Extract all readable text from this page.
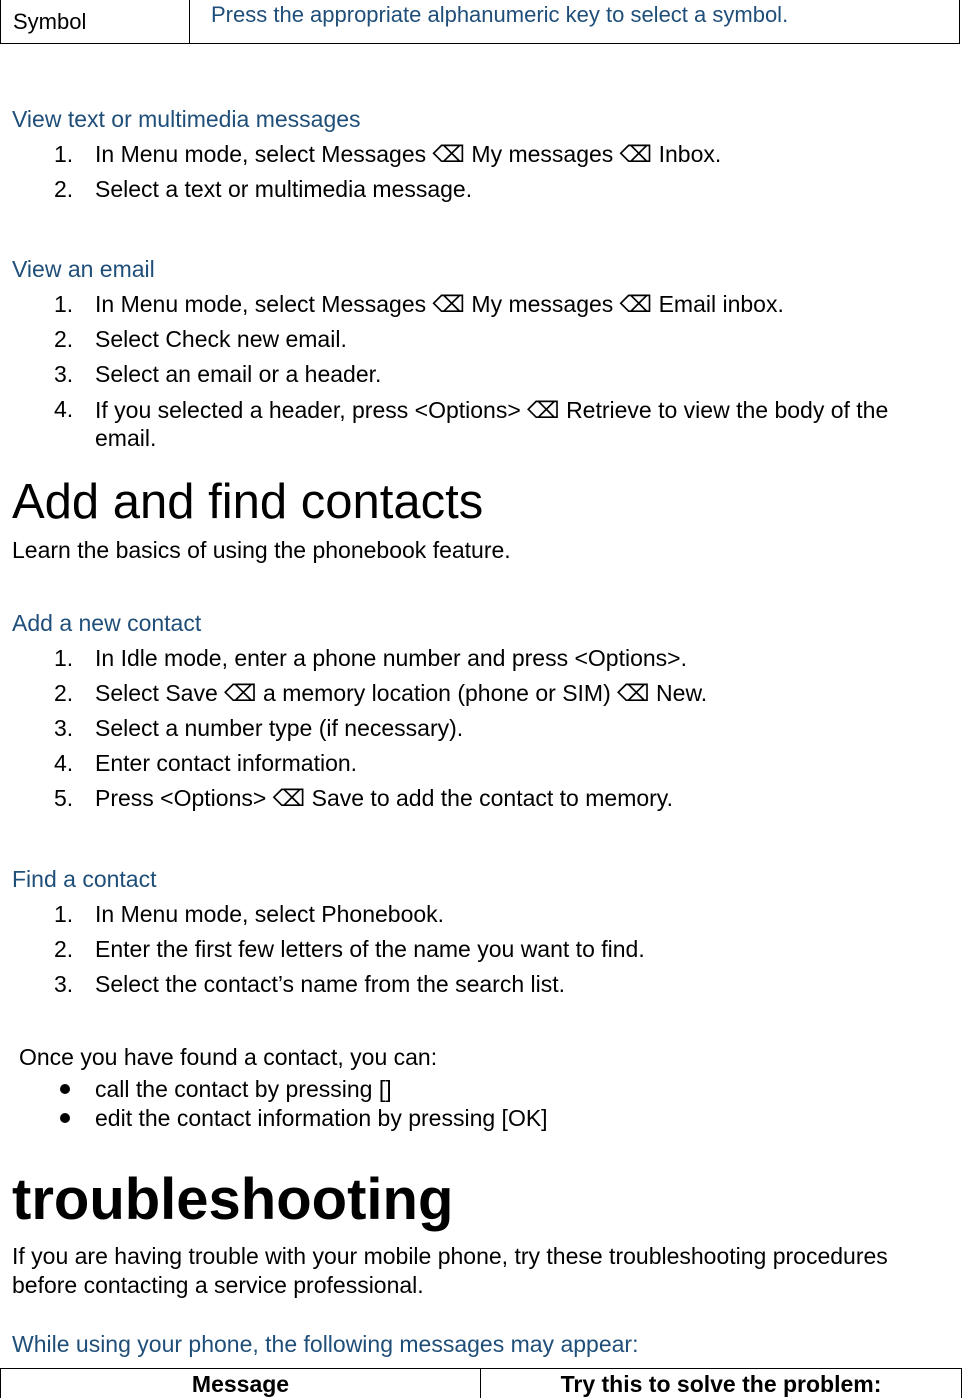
Symbol	Press the appropriate alphanumeric key to select a symbol.
View text or multimedia messages
1. In Menu mode, select Messages ⌫ My messages ⌫ Inbox.
2. Select a text or multimedia message.
View an email
1. In Menu mode, select Messages ⌫ My messages ⌫ Email inbox.
2. Select Check new email.
3. Select an email or a header.
4. If you selected a header, press <Options> ⌫ Retrieve to view the body of the email.
Add and find contacts
Learn the basics of using the phonebook feature.
Add a new contact
1. In Idle mode, enter a phone number and press <Options>.
2. Select Save ⌫ a memory location (phone or SIM) ⌫ New.
3. Select a number type (if necessary).
4. Enter contact information.
5. Press <Options> ⌫ Save to add the contact to memory.
Find a contact
1. In Menu mode, select Phonebook.
2. Enter the first few letters of the name you want to find.
3. Select the contact’s name from the search list.
Once you have found a contact, you can:
call the contact by pressing []
edit the contact information by pressing [OK]
troubleshooting
If you are having trouble with your mobile phone, try these troubleshooting procedures before contacting a service professional.
While using your phone, the following messages may appear:
Message	Try this to solve the problem:
